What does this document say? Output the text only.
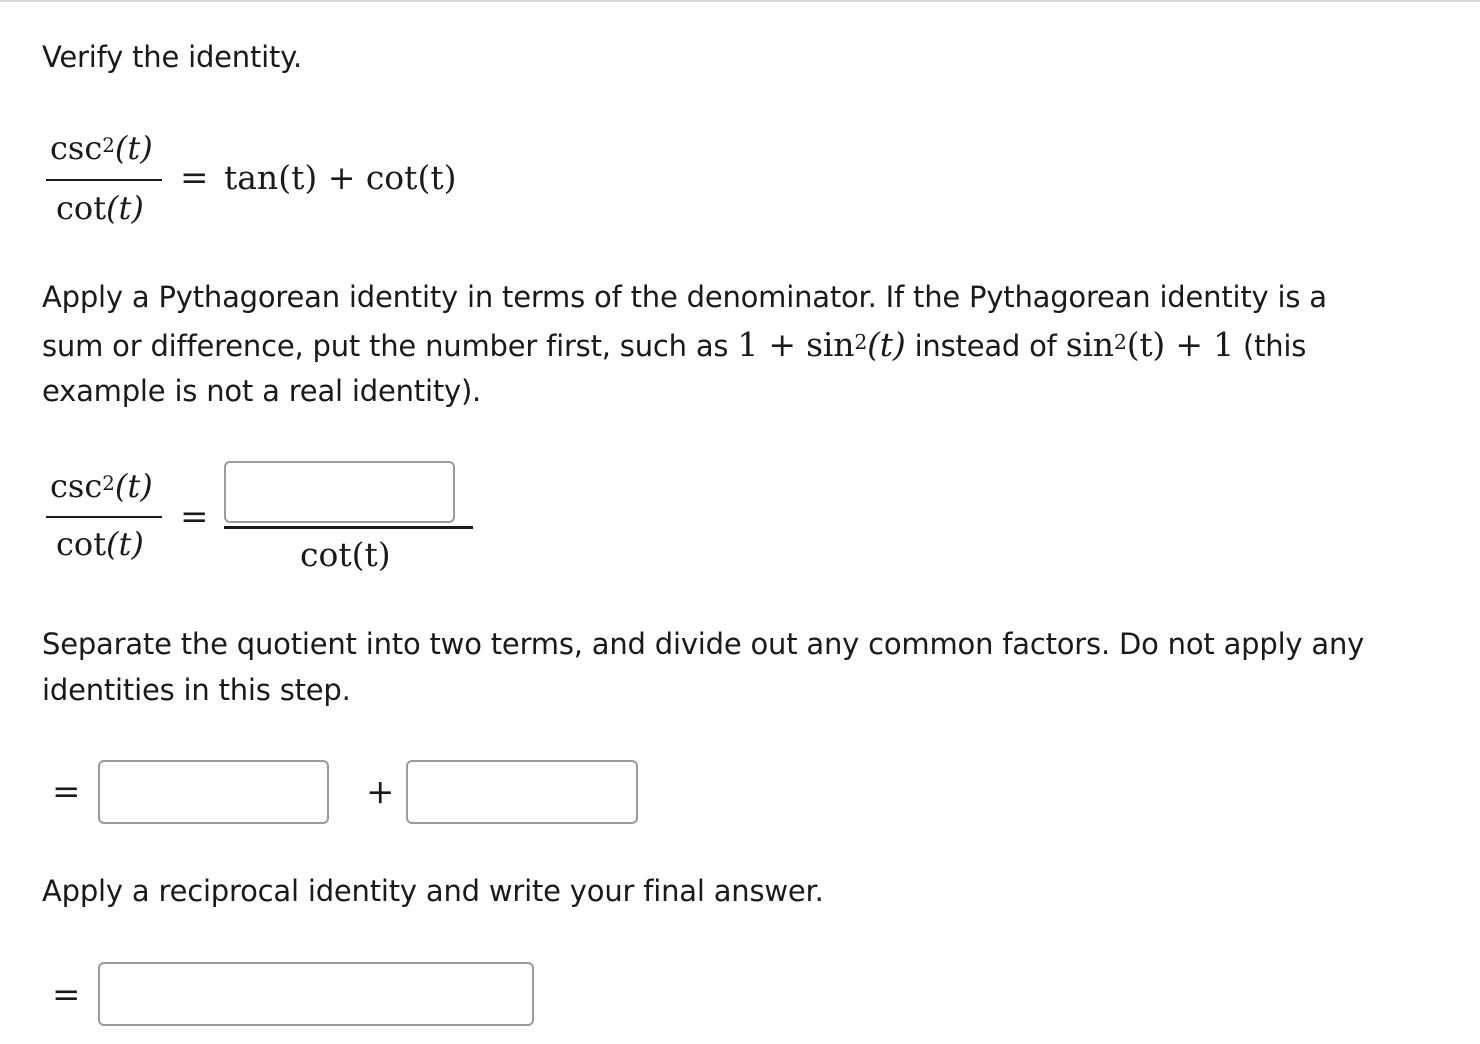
Verify the identity.
$\csc^2(t)$
cot(t)
= tan(t) + cot(t)
Apply a Pythagorean identity in terms of the denominator. If the Pythagorean identity is a
sum or difference, put the number first, such as $1 + \sin^2(t)$ instead of $\sin^2(t) + 1$ (this
example is not a real identity).
$\csc^2(t)$
cot(t)
=
cot(t)
Separate the quotient into two terms, and divide out any common factors. Do not apply any
identities in this step.
=	+
Apply a reciprocal identity and write your final answer.
=
